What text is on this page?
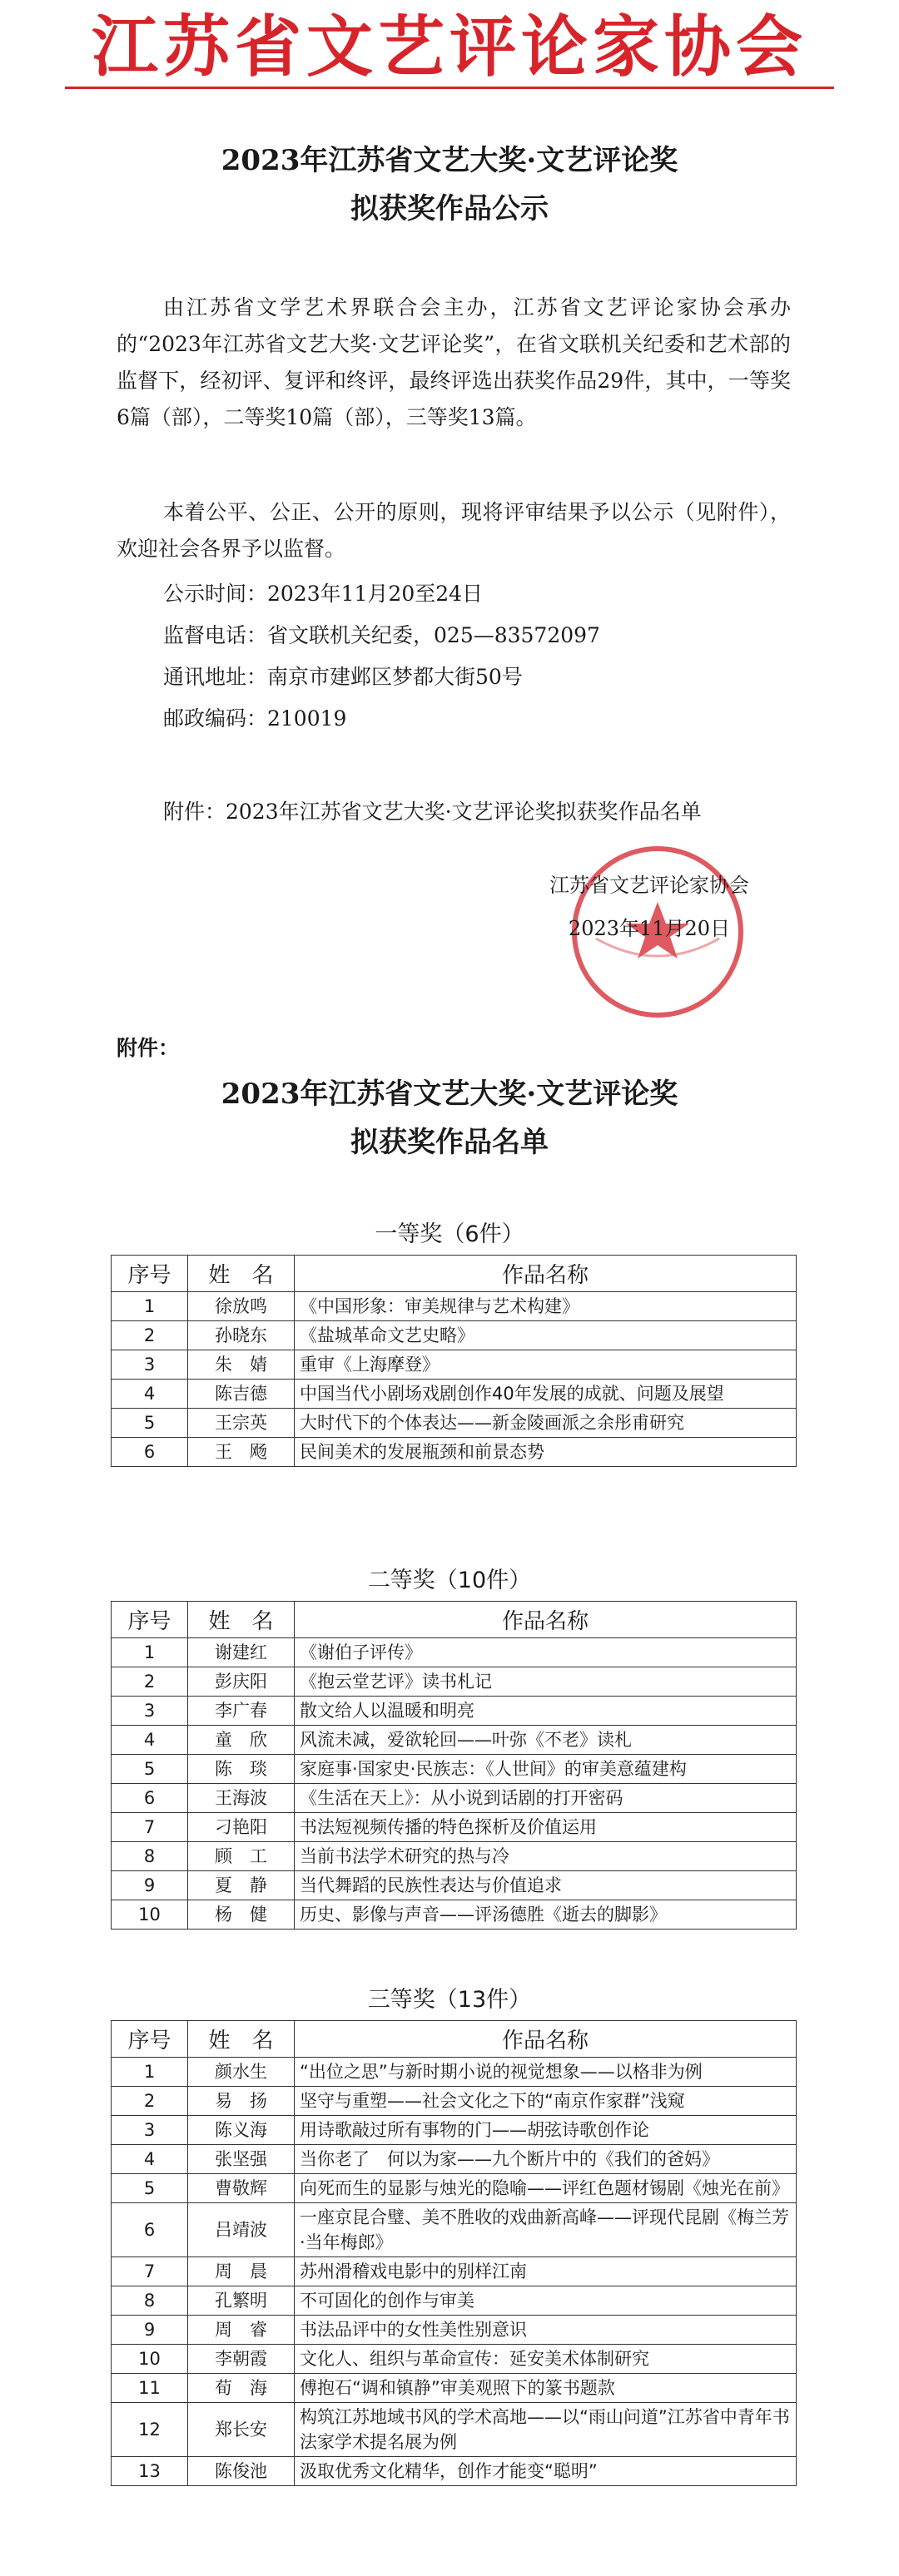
江苏省文艺评论家协会
2023年江苏省文艺大奖·文艺评论奖
拟获奖作品公示

由江苏省文学艺术界联合会主办，江苏省文艺评论家协会承办的“2023年江苏省文艺大奖·文艺评论奖”，在省文联机关纪委和艺术部的监督下，经初评、复评和终评，最终评选出获奖作品29件，其中，一等奖6篇（部），二等奖10篇（部），三等奖13篇。

本着公平、公正、公开的原则，现将评审结果予以公示（见附件），欢迎社会各界予以监督。

公示时间：2023年11月20至24日
监督电话：省文联机关纪委，025—83572097
通讯地址：南京市建邺区梦都大街50号
邮政编码：210019
附件：2023年江苏省文艺大奖·文艺评论奖拟获奖作品名单
江苏省文艺评论家协会
2023年11月20日
附件：
2023年江苏省文艺大奖·文艺评论奖
拟获奖作品名单
一等奖（6件）
序号	姓　名	作品名称
1	徐放鸣	《中国形象：审美规律与艺术构建》
2	孙晓东	《盐城革命文艺史略》
3	朱　婧	重审《上海摩登》
4	陈吉德	中国当代小剧场戏剧创作40年发展的成就、问题及展望
5	王宗英	大时代下的个体表达——新金陵画派之余彤甫研究
6	王　飏	民间美术的发展瓶颈和前景态势
二等奖（10件）
序号	姓　名	作品名称
1	谢建红	《谢伯子评传》
2	彭庆阳	《抱云堂艺评》读书札记
3	李广春	散文给人以温暖和明亮
4	童　欣	风流未减，爱欲轮回——叶弥《不老》读札
5	陈　琰	家庭事·国家史·民族志：《人世间》的审美意蕴建构
6	王海波	《生活在天上》：从小说到话剧的打开密码
7	刁艳阳	书法短视频传播的特色探析及价值运用
8	顾　工	当前书法学术研究的热与冷
9	夏　静	当代舞蹈的民族性表达与价值追求
10	杨　健	历史、影像与声音——评汤德胜《逝去的脚影》
三等奖（13件）
序号	姓　名	作品名称
1	颜水生	“出位之思”与新时期小说的视觉想象——以格非为例
2	易　扬	坚守与重塑——社会文化之下的“南京作家群”浅窥
3	陈义海	用诗歌敲过所有事物的门——胡弦诗歌创作论
4	张坚强	当你老了　何以为家——九个断片中的《我们的爸妈》
5	曹敬辉	向死而生的显影与烛光的隐喻——评红色题材锡剧《烛光在前》
6	吕靖波	一座京昆合璧、美不胜收的戏曲新高峰——评现代昆剧《梅兰芳·当年梅郎》
7	周　晨	苏州滑稽戏电影中的别样江南
8	孔繁明	不可固化的创作与审美
9	周　睿	书法品评中的女性美性别意识
10	李朝霞	文化人、组织与革命宣传：延安美术体制研究
11	荀　海	傅抱石“调和镇静”审美观照下的篆书题款
12	郑长安	构筑江苏地域书风的学术高地——以“雨山问道”江苏省中青年书法家学术提名展为例
13	陈俊池	汲取优秀文化精华，创作才能变“聪明”
